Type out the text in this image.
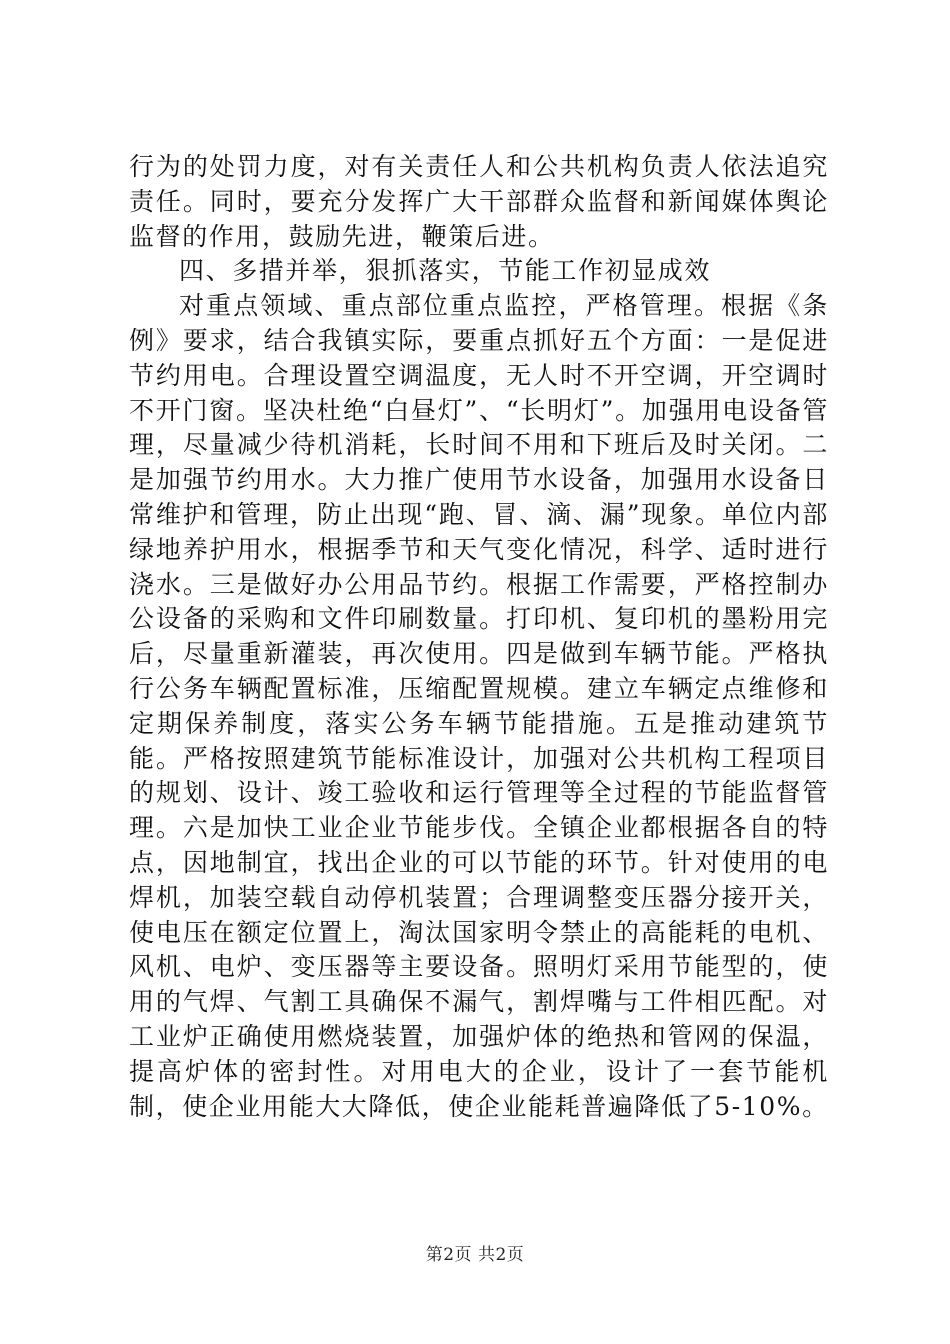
行为的处罚力度，对有关责任人和公共机构负责人依法追究责任。同时，要充分发挥广大干部群众监督和新闻媒体舆论监督的作用，鼓励先进，鞭策后进。

四、多措并举，狠抓落实，节能工作初显成效

对重点领域、重点部位重点监控，严格管理。根据《条例》要求，结合我镇实际，要重点抓好五个方面：一是促进节约用电。合理设置空调温度，无人时不开空调，开空调时不开门窗。坚决杜绝“白昼灯”、“长明灯”。加强用电设备管理，尽量减少待机消耗，长时间不用和下班后及时关闭。二是加强节约用水。大力推广使用节水设备，加强用水设备日常维护和管理，防止出现“跑、冒、滴、漏”现象。单位内部绿地养护用水，根据季节和天气变化情况，科学、适时进行浇水。三是做好办公用品节约。根据工作需要，严格控制办公设备的采购和文件印刷数量。打印机、复印机的墨粉用完后，尽量重新灌装，再次使用。四是做到车辆节能。严格执行公务车辆配置标准，压缩配置规模。建立车辆定点维修和定期保养制度，落实公务车辆节能措施。五是推动建筑节能。严格按照建筑节能标准设计，加强对公共机构工程项目的规划、设计、竣工验收和运行管理等全过程的节能监督管理。六是加快工业企业节能步伐。全镇企业都根据各自的特点，因地制宜，找出企业的可以节能的环节。针对使用的电焊机，加装空载自动停机装置；合理调整变压器分接开关，使电压在额定位置上，淘汰国家明令禁止的高能耗的电机、风机、电炉、变压器等主要设备。照明灯采用节能型的，使用的气焊、气割工具确保不漏气，割焊嘴与工件相匹配。对工业炉正确使用燃烧装置，加强炉体的绝热和管网的保温，提高炉体的密封性。对用电大的企业，设计了一套节能机制，使企业用能大大降低，使企业能耗普遍降低了5-10%。

第2页 共2页
